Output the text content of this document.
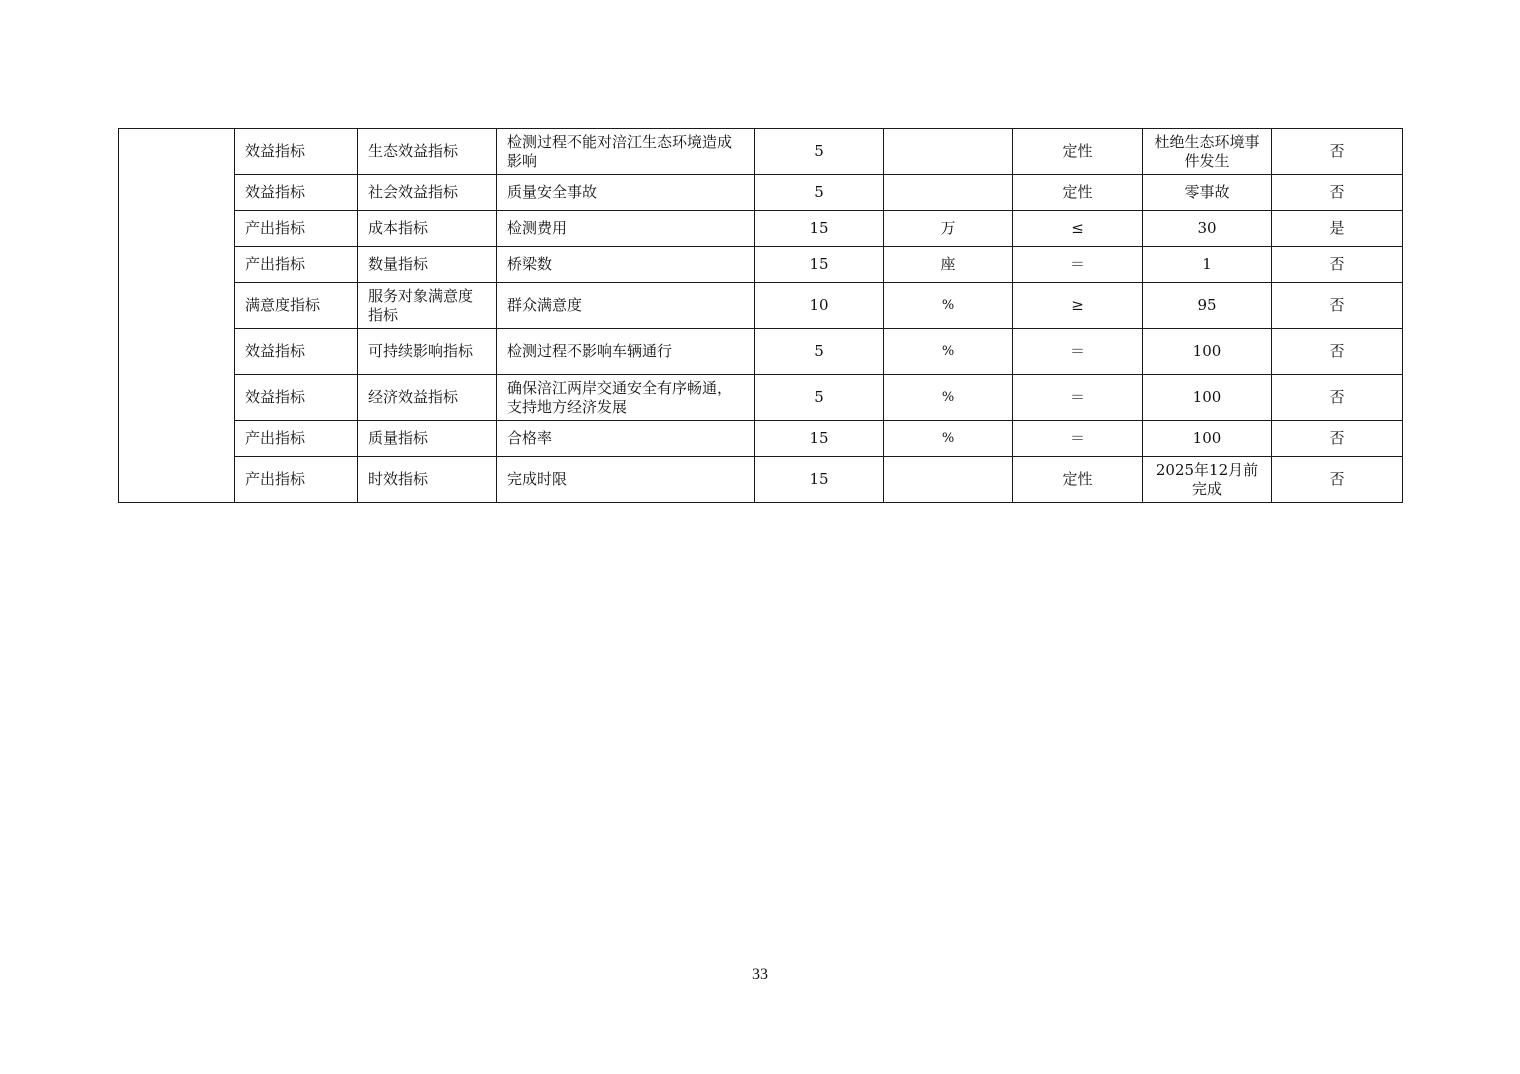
	效益指标	生态效益指标	检测过程不能对涪江生态环境造成影响	5		定性	杜绝生态环境事件发生	否
	效益指标	社会效益指标	质量安全事故	5		定性	零事故	否
	产出指标	成本指标	检测费用	15	万	≤	30	是
	产出指标	数量指标	桥梁数	15	座	＝	1	否
	满意度指标	服务对象满意度指标	群众满意度	10	%	≥	95	否
	效益指标	可持续影响指标	检测过程不影响车辆通行	5	%	＝	100	否
	效益指标	经济效益指标	确保涪江两岸交通安全有序畅通，支持地方经济发展	5	%	＝	100	否
	产出指标	质量指标	合格率	15	%	＝	100	否
	产出指标	时效指标	完成时限	15		定性	2025年12月前完成	否
33
